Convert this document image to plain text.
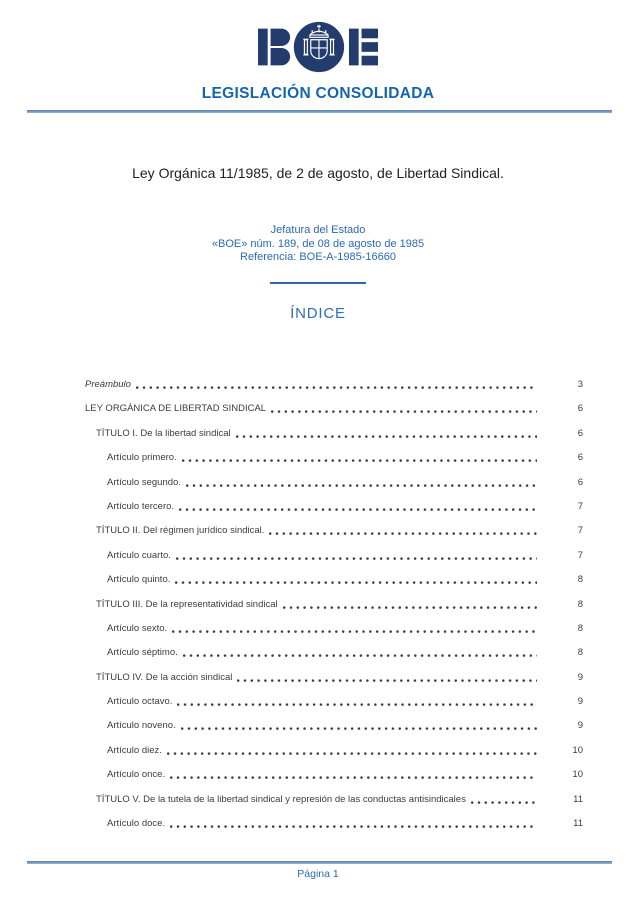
LEGISLACIÓN CONSOLIDADA
Ley Orgánica 11/1985, de 2 de agosto, de Libertad Sindical.
Jefatura del Estado
«BOE» núm. 189, de 08 de agosto de 1985
Referencia: BOE-A-1985-16660
ÍNDICE
Preámbulo	3
LEY ORGÁNICA DE LIBERTAD SINDICAL	6
TÍTULO I. De la libertad sindical	6
Artículo primero.	6
Artículo segundo.	6
Artículo tercero.	7
TÍTULO II. Del régimen jurídico sindical.	7
Artículo cuarto.	7
Artículo quinto.	8
TÍTULO III. De la representatividad sindical	8
Artículo sexto.	8
Artículo séptimo.	8
TÍTULO IV. De la acción sindical	9
Artículo octavo.	9
Artículo noveno.	9
Artículo diez.	10
Artículo once.	10
TÍTULO V. De la tutela de la libertad sindical y represión de las conductas antisindicales	11
Artículo doce.	11
Página 1
